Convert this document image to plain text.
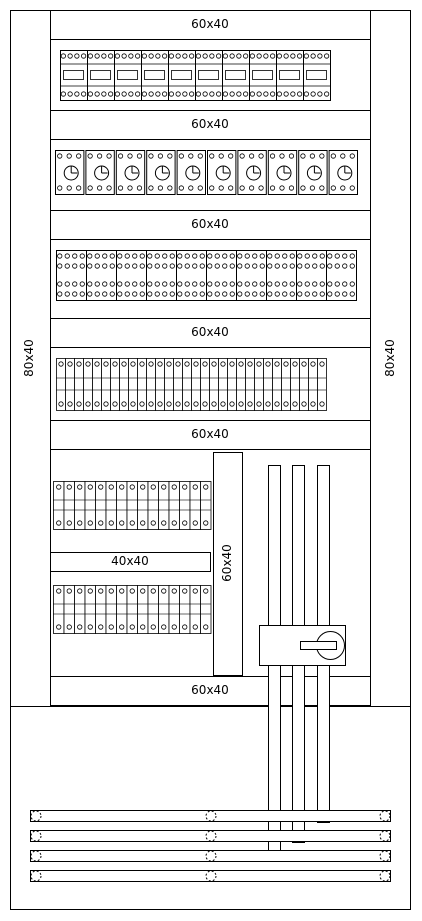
60x40
60x40
60x40
60x40
60x40
60x40
40x40
80x40	80x40
60x40
